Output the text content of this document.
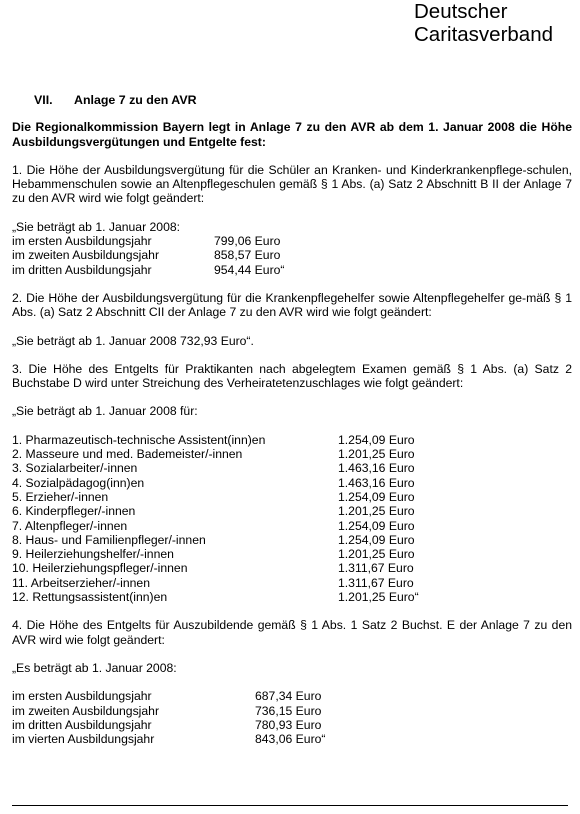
Deutscher
Caritasverband
VII. Anlage 7 zu den AVR

Die Regionalkommission Bayern legt in Anlage 7 zu den AVR ab dem 1. Januar 2008 die Höhe Ausbildungsvergütungen und Entgelte fest:

1. Die Höhe der Ausbildungsvergütung für die Schüler an Kranken- und Kinderkrankenpflege-schulen, Hebammenschulen sowie an Altenpflegeschulen gemäß § 1 Abs. (a) Satz 2 Abschnitt B II der Anlage 7 zu den AVR wird wie folgt geändert:

„Sie beträgt ab 1. Januar 2008:

im ersten Ausbildungsjahr	799,06 Euro
im zweiten Ausbildungsjahr	858,57 Euro
im dritten Ausbildungsjahr	954,44 Euro“

2. Die Höhe der Ausbildungsvergütung für die Krankenpflegehelfer sowie Altenpflegehelfer ge-mäß § 1 Abs. (a) Satz 2 Abschnitt CII der Anlage 7 zu den AVR wird wie folgt geändert:

„Sie beträgt ab 1. Januar 2008 732,93 Euro“.

3. Die Höhe des Entgelts für Praktikanten nach abgelegtem Examen gemäß § 1 Abs. (a) Satz 2 Buchstabe D wird unter Streichung des Verheiratetenzuschlages wie folgt geändert:

„Sie beträgt ab 1. Januar 2008 für:

1. Pharmazeutisch-technische Assistent(inn)en	1.254,09 Euro
2. Masseure und med. Bademeister/-innen	1.201,25 Euro
3. Sozialarbeiter/-innen	1.463,16 Euro
4. Sozialpädagog(inn)en	1.463,16 Euro
5. Erzieher/-innen	1.254,09 Euro
6. Kinderpfleger/-innen	1.201,25 Euro
7. Altenpfleger/-innen	1.254,09 Euro
8. Haus- und Familienpfleger/-innen	1.254,09 Euro
9. Heilerziehungshelfer/-innen	1.201,25 Euro
10. Heilerziehungspfleger/-innen	1.311,67 Euro
11. Arbeitserzieher/-innen	1.311,67 Euro
12. Rettungsassistent(inn)en	1.201,25 Euro“

4. Die Höhe des Entgelts für Auszubildende gemäß § 1 Abs. 1 Satz 2 Buchst. E der Anlage 7 zu den AVR wird wie folgt geändert:

„Es beträgt ab 1. Januar 2008:

im ersten Ausbildungsjahr	687,34 Euro
im zweiten Ausbildungsjahr	736,15 Euro
im dritten Ausbildungsjahr	780,93 Euro
im vierten Ausbildungsjahr	843,06 Euro“
